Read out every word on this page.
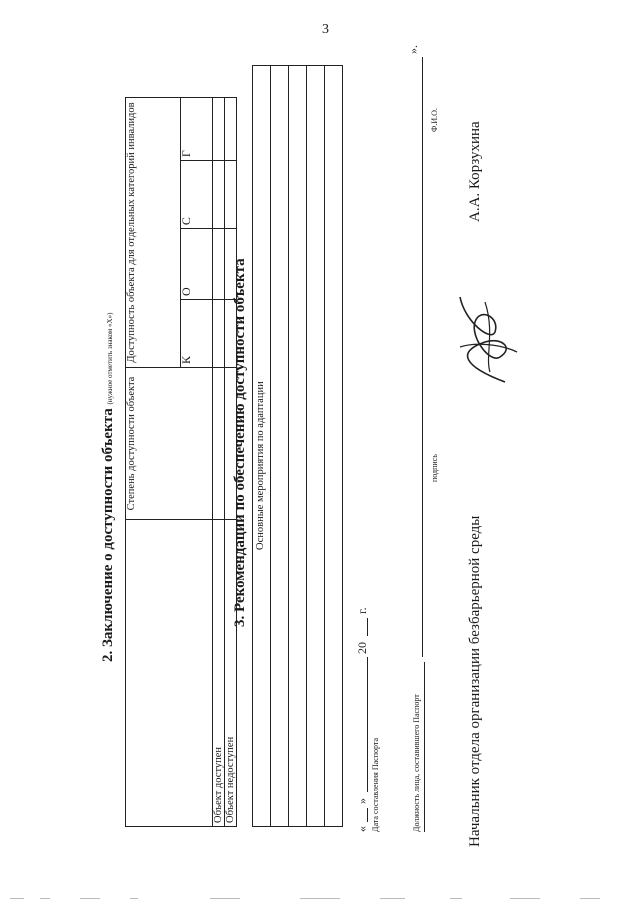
3
2. Заключение о доступности объекта (нужное отметить знаком «Х»)
	Степень доступности объекта	Доступность объекта для отдельных категорий инвалидов			
		К	О	С	Г
Объект доступен					
Объект недоступен					
3. Рекомендации по обеспечению доступности объекта Основные мероприятия по адаптации
«
»
20
г.
Дата составления Паспорта	Должность лица, составившего Паспорт
подпись
Ф.И.О.
».
Начальник отдела организации безбарьерной среды
А.А. Корзухина
